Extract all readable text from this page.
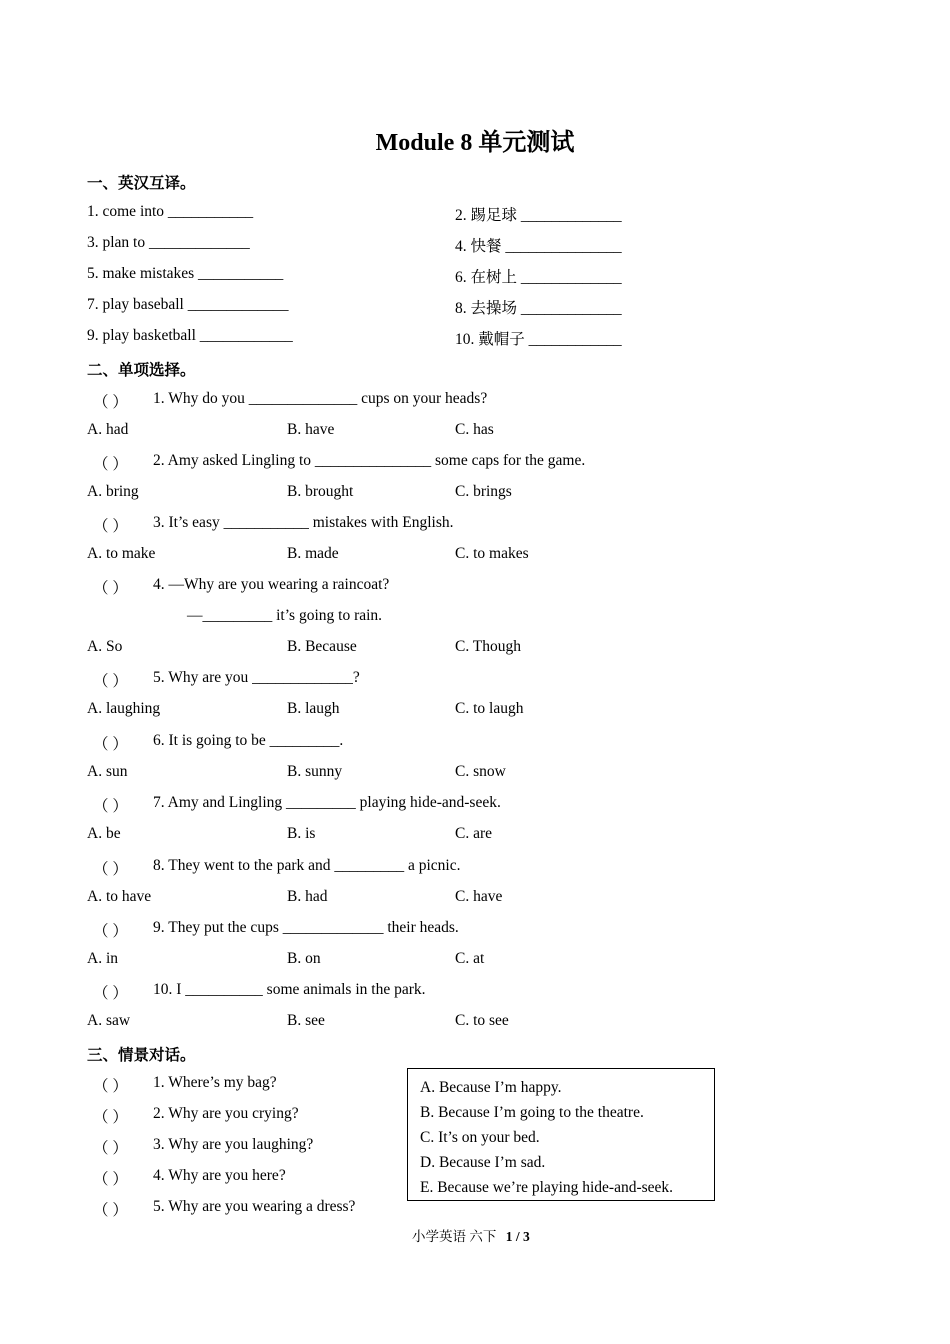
Module 8 单元测试
一、英汉互译。
1. come into ___________	2. 踢足球 _____________
3. plan to _____________	4. 快餐 _______________
5. make mistakes ___________	6. 在树上 _____________
7. play baseball _____________	8. 去操场 _____________
9. play basketball ____________	10. 戴帽子 ____________
二、单项选择。
（ ） 1. Why do you ______________ cups on your heads?
A. had	B. have	C. has
（ ） 2. Amy asked Lingling to _______________ some caps for the game.
A. bring	B. brought	C. brings
（ ） 3. It’s easy ___________ mistakes with English.
A. to make	B. made	C. to makes
（ ） 4. —Why are you wearing a raincoat?
—_________ it’s going to rain.
A. So	B. Because	C. Though
（ ） 5. Why are you _____________?
A. laughing	B. laugh	C. to laugh
（ ） 6. It is going to be _________.
A. sun	B. sunny	C. snow
（ ） 7. Amy and Lingling _________ playing hide-and-seek.
A. be	B. is	C. are
（ ） 8. They went to the park and _________ a picnic.
A. to have	B. had	C. have
（ ） 9. They put the cups _____________ their heads.
A. in	B. on	C. at
（ ） 10. I __________ some animals in the park.
A. saw	B. see	C. to see
三、情景对话。
（ ） 1. Where’s my bag?
（ ） 2. Why are you crying?
（ ） 3. Why are you laughing?
（ ） 4. Why are you here?
（ ） 5. Why are you wearing a dress?
A. Because I’m happy.
B. Because I’m going to the theatre.
C. It’s on your bed.
D. Because I’m sad.
E. Because we’re playing hide-and-seek.
小学英语 六下 1 / 3
